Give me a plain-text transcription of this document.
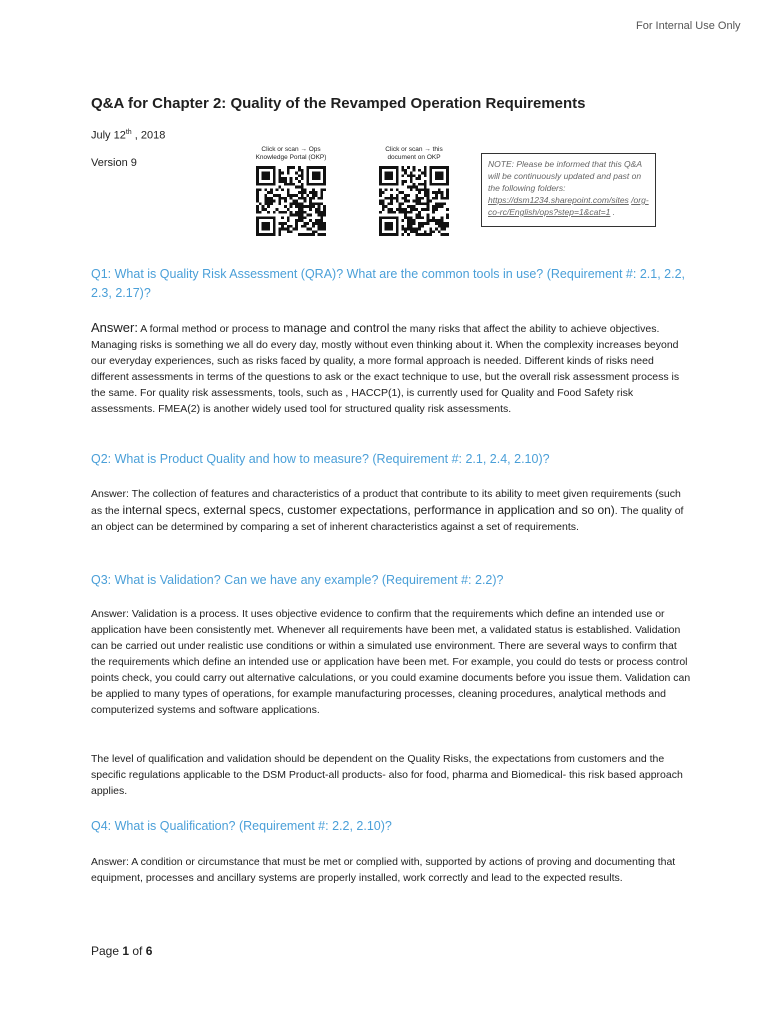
For Internal Use Only
Q&A for Chapter 2: Quality of the Revamped Operation Requirements
July 12th , 2018
Version 9
Click or scan → Ops
Knowledge Portal (OKP)
Click or scan → this
document on OKP
NOTE: Please be informed that this Q&A will be continuously updated and past on the following folders: https://dsm1234.sharepoint.com/sites /org-co-rc/English/ops?step=1&cat=1 .
Q1: What is Quality Risk Assessment (QRA)? What are the common tools in use? (Requirement #: 2.1, 2.2, 2.3, 2.17)?
Answer: A formal method or process to manage and control the many risks that affect the ability to achieve objectives. Managing risks is something we all do every day, mostly without even thinking about it. When the complexity increases beyond our everyday experiences, such as risks faced by quality, a more formal approach is needed. Different kinds of risks need different assessments in terms of the questions to ask or the exact technique to use, but the overall risk assessment process is the same. For quality risk assessments, tools, such as , HACCP(1), is currently used for Quality and Food Safety risk assessments. FMEA(2) is another widely used tool for structured quality risk assessments.
Q2: What is Product Quality and how to measure? (Requirement #: 2.1, 2.4, 2.10)?
Answer: The collection of features and characteristics of a product that contribute to its ability to meet given requirements (such as the internal specs, external specs, customer expectations, performance in application and so on). The quality of an object can be determined by comparing a set of inherent characteristics against a set of requirements.
Q3: What is Validation? Can we have any example? (Requirement #: 2.2)?
Answer: Validation is a process. It uses objective evidence to confirm that the requirements which define an intended use or application have been consistently met. Whenever all requirements have been met, a validated status is established. Validation can be carried out under realistic use conditions or within a simulated use environment. There are several ways to confirm that the requirements which define an intended use or application have been met. For example, you could do tests or process control points check, you could carry out alternative calculations, or you could examine documents before you issue them. Validation can be applied to many types of operations, for example manufacturing processes, cleaning procedures, analytical methods and computerized systems and software applications.
The level of qualification and validation should be dependent on the Quality Risks, the expectations from customers and the specific regulations applicable to the DSM Product-all products- also for food, pharma and Biomedical- this risk based approach applies.
Q4: What is Qualification? (Requirement #: 2.2, 2.10)?
Answer: A condition or circumstance that must be met or complied with, supported by actions of proving and documenting that equipment, processes and ancillary systems are properly installed, work correctly and lead to the expected results.
Page 1 of 6
